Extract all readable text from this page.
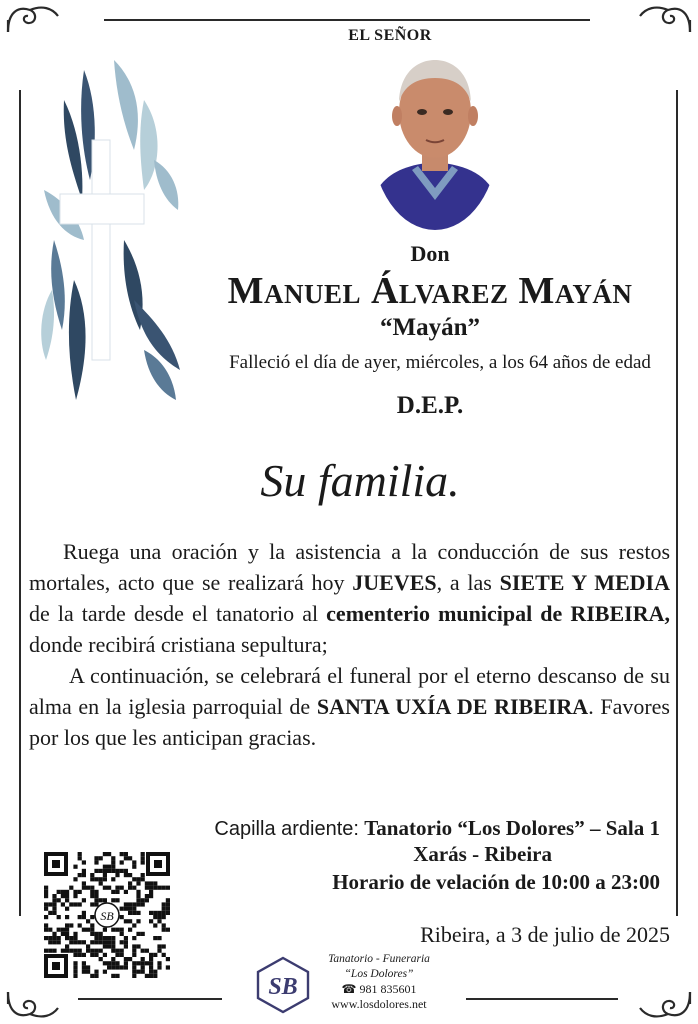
EL SEÑOR
Don
Manuel Álvarez Mayán
“Mayán”
Falleció el día de ayer, miércoles, a los 64 años de edad
D.E.P.
Su familia.

Ruega una oración y la asistencia a la conducción de sus restos mortales, acto que se realizará hoy JUEVES, a las SIETE Y MEDIA de la tarde desde el tanatorio al cementerio municipal de RIBEIRA, donde recibirá cristiana sepultura;

A continuación, se celebrará el funeral por el eterno descanso de su alma en la iglesia parroquial de SANTA UXÍA DE RIBEIRA. Favores por los que les anticipan gracias.

Capilla ardiente: Tanatorio “Los Dolores” – Sala 1
Xarás - Ribeira
Horario de velación de 10:00 a 23:00
SB
Ribeira, a 3 de julio de 2025
SB
Tanatorio - Funeraria
“Los Dolores”
☎ 981 835601
www.losdolores.net
